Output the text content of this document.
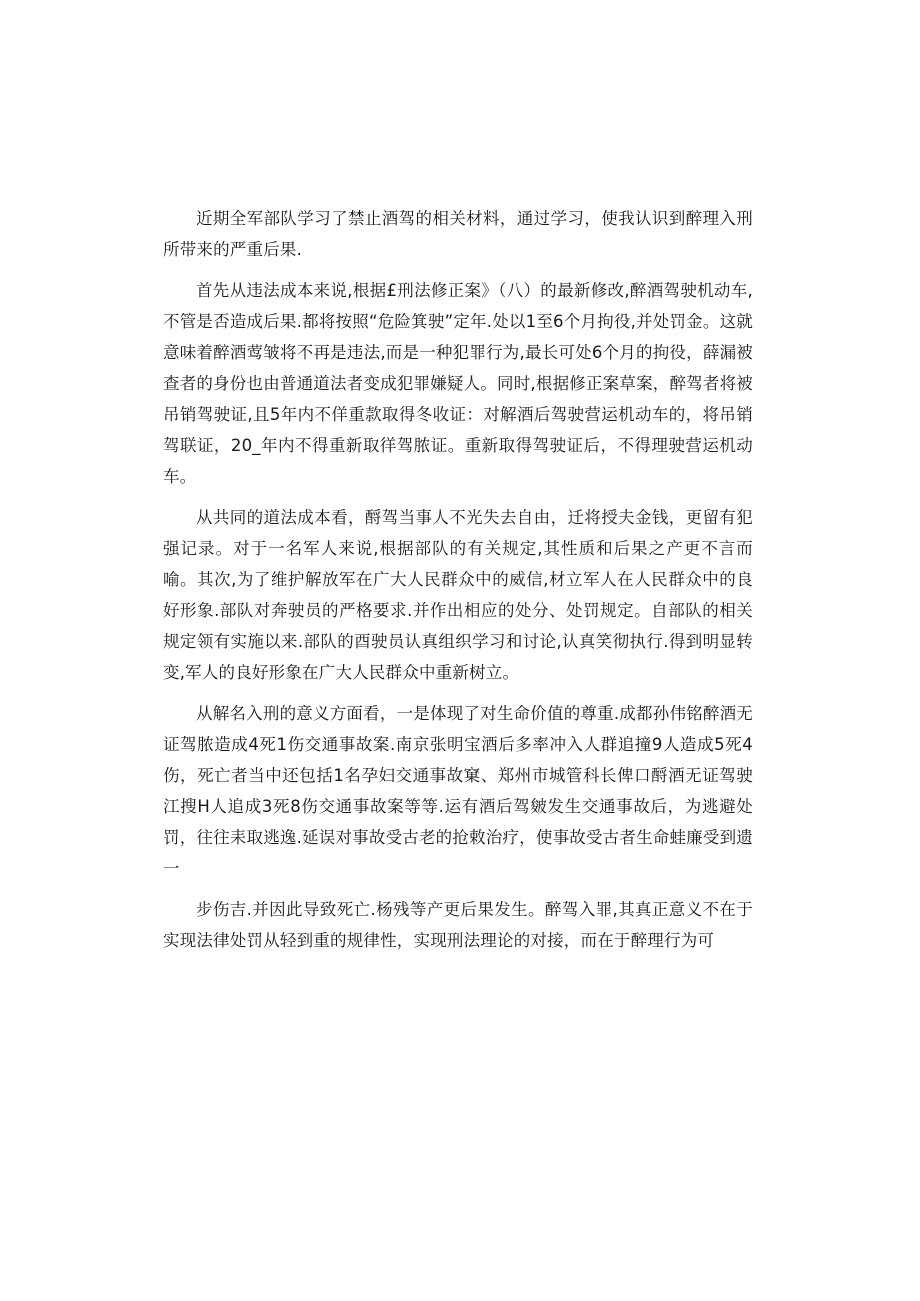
近期全军部队学习了禁止酒驾的相关材料，通过学习，使我认识到醉理入刑所带来的严重后果.

首先从违法成本来说,根据£刑法修正案》（八）的最新修改,醉酒驾驶机动车,不管是否造成后果.都将按照“危险箕驶”定年.处以1至6个月拘役,并处罚金。这就意味着醉酒莺皱将不再是违法,而是一种犯罪行为,最长可处6个月的拘役，薛漏被查者的身份也由普通道法者变成犯罪嫌疑人。同时,根据修正案草案，醉驾者将被吊销驾驶证,且5年内不佯重款取得冬收证：对解酒后驾驶营运机动车的，将吊销驾联证，20_年内不得重新取徉驾脓证。重新取得驾驶证后，不得理驶营运机动车。

从共同的道法成本看，酹驾当事人不光失去自由，迁将授夫金钱，更留有犯强记录。对于一名军人来说,根据部队的有关规定,其性质和后果之产更不言而喻。其次,为了维护解放军在广大人民群众中的威信,材立军人在人民群众中的良好形象.部队对奔驶员的严格要求.并作出相应的处分、处罚规定。自部队的相关规定领有实施以来.部队的酉驶员认真组织学习和讨论,认真笑彻执行.得到明显转变,军人的良好形象在广大人民群众中重新树立。

从解名入刑的意义方面看，一是体现了对生命价值的尊重.成都孙伟铭醉酒无证驾脓造成4死1伤交通事故案.南京张明宝酒后多率冲入人群追撞9人造成5死4伤，死亡者当中还包括1名孕妇交通事故窠、郑州市城管科长俾口酹酒无证驾驶江搜H人追成3死8伤交通事故案等等.运有酒后驾皴发生交通事故后，为逃避处罚，往往耒取逃逸.延误对事故受古老的抢敕治疗，使事故受古者生命蛙廉受到遗一

步伤吉.并因此导致死亡.杨残等产更后果发生。醉驾入罪,其真正意义不在于实现法律处罚从轻到重的规律性，实现刑法理论的对接，而在于醉理行为可
